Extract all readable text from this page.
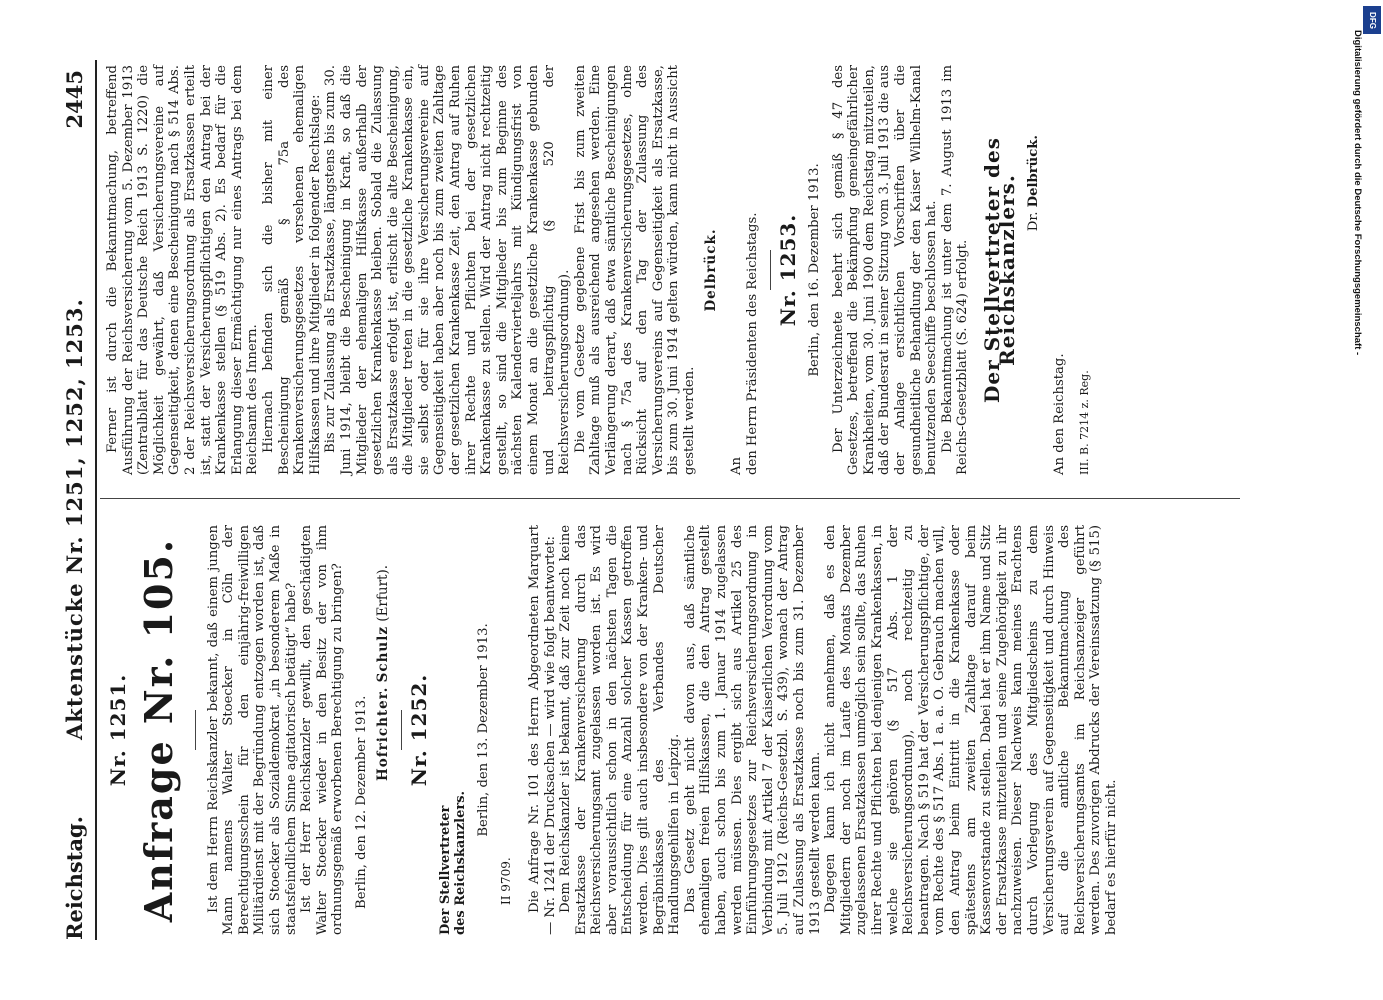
Reichstag.
Aktenstücke Nr. 1251, 1252, 1253.
2445
Nr. 1251. Anfrage Nr. 105. Ist dem Herrn Reichskanzler bekannt, daß einem jungen Mann namens Walter Stoecker in Cöln der Berechtigungsschein für den einjährig-freiwilligen Militärdienst mit der Begründung entzogen worden ist, daß sich Stoecker als Sozialdemokrat „in besonderem Maße in staatsfeindlichem Sinne agitatorisch betätigt“ habe? Ist der Herr Reichskanzler gewillt, den geschädigten Walter Stoecker wieder in den Besitz der von ihm ordnungsgemäß erworbenen Berechtigung zu bringen? Berlin, den 12. Dezember 1913. Hofrichter. Schulz (Erfurt).
Nr. 1252.
Der Stellvertreter des Reichskanzlers.
Berlin, den 13. Dezember 1913.
II 9709. Die Anfrage Nr. 101 des Herrn Abgeordneten Marquart — Nr. 1241 der Drucksachen — wird wie folgt beantwortet: Dem Reichskanzler ist bekannt, daß zur Zeit noch keine Ersatzkasse der Krankenversicherung durch das Reichsversicherungsamt zugelassen worden ist. Es wird aber voraussichtlich schon in den nächsten Tagen die Entscheidung für eine Anzahl solcher Kassen getroffen werden. Dies gilt auch insbesondere von der Kranken- und Begräbniskasse des Verbandes Deutscher Handlungsgehilfen in Leipzig. Das Gesetz geht nicht davon aus, daß sämtliche ehemaligen freien Hilfskassen, die den Antrag gestellt haben, auch schon bis zum 1. Januar 1914 zugelassen werden müssen. Dies ergibt sich aus Artikel 25 des Einführungsgesetzes zur Reichsversicherungsordnung in Verbindung mit Artikel 7 der Kaiserlichen Verordnung vom 5. Juli 1912 (Reichs-Gesetzbl. S. 439), wonach der Antrag auf Zulassung als Ersatzkasse noch bis zum 31. Dezember 1913 gestellt werden kann. Dagegen kann ich nicht annehmen, daß es den Mitgliedern der noch im Laufe des Monats Dezember zugelassenen Ersatzkassen unmöglich sein sollte, das Ruhen ihrer Rechte und Pflichten bei denjenigen Krankenkassen, in welche sie gehören (§ 517 Abs. 1 der Reichsversicherungsordnung), noch rechtzeitig zu beantragen. Nach § 519 hat der Versicherungspflichtige, der vom Rechte des § 517 Abs. 1 a. a. O. Gebrauch machen will, den Antrag beim Eintritt in die Krankenkasse oder spätestens am zweiten Zahltage darauf beim Kassenvorstande zu stellen. Dabei hat er ihm Name und Sitz der Ersatzkasse mitzuteilen und seine Zugehörigkeit zu ihr nachzuweisen. Dieser Nachweis kann meines Erachtens durch Vorlegung des Mitgliedscheins zu dem Versicherungsverein auf Gegenseitigkeit und durch Hinweis auf die amtliche Bekanntmachung des Reichsversicherungsamts im Reichsanzeiger geführt werden. Des zuvorigen Abdrucks der Vereinssatzung (§ 515) bedarf es hierfür nicht.

Ferner ist durch die Bekanntmachung, betreffend Ausführung der Reichsversicherung vom 5. Dezember 1913 (Zentralblatt für das Deutsche Reich 1913 S. 1220) die Möglichkeit gewährt, daß Versicherungsvereine auf Gegenseitigkeit, denen eine Bescheinigung nach § 514 Abs. 2 der Reichsversicherungsordnung als Ersatzkassen erteilt ist, statt der Versicherungspflichtigen den Antrag bei der Krankenkasse stellen (§ 519 Abs. 2). Es bedarf für die Erlangung dieser Ermächtigung nur eines Antrags bei dem Reichsamt des Innern. Hiernach befinden sich die bisher mit einer Bescheinigung gemäß § 75a des Krankenversicherungsgesetzes versehenen ehemaligen Hilfskassen und ihre Mitglieder in folgender Rechtslage: Bis zur Zulassung als Ersatzkasse, längstens bis zum 30. Juni 1914, bleibt die Bescheinigung in Kraft, so daß die Mitglieder der ehemaligen Hilfskasse außerhalb der gesetzlichen Krankenkasse bleiben. Sobald die Zulassung als Ersatzkasse erfolgt ist, erlischt die alte Bescheinigung, die Mitglieder treten in die gesetzliche Krankenkasse ein, sie selbst oder für sie ihre Versicherungsvereine auf Gegenseitigkeit haben aber noch bis zum zweiten Zahltage der gesetzlichen Krankenkasse Zeit, den Antrag auf Ruhen ihrer Rechte und Pflichten bei der gesetzlichen Krankenkasse zu stellen. Wird der Antrag nicht rechtzeitig gestellt, so sind die Mitglieder bis zum Beginne des nächsten Kalendervierteljahrs mit Kündigungsfrist von einem Monat an die gesetzliche Krankenkasse gebunden und beitragspflichtig (§ 520 der Reichsversicherungsordnung). Die vom Gesetze gegebene Frist bis zum zweiten Zahltage muß als ausreichend angesehen werden. Eine Verlängerung derart, daß etwa sämtliche Bescheinigungen nach § 75a des Krankenversicherungsgesetzes, ohne Rücksicht auf den Tag der Zulassung des Versicherungsvereins auf Gegenseitigkeit als Ersatzkasse, bis zum 30. Juni 1914 gelten würden, kann nicht in Aussicht gestellt werden.

Delbrück.
An den Herrn Präsidenten des Reichstags. Nr. 1253. Berlin, den 16. Dezember 1913. Der Unterzeichnete beehrt sich gemäß § 47 des Gesetzes, betreffend die Bekämpfung gemeingefährlicher Krankheiten, vom 30. Juni 1900 dem Reichstag mitzuteilen, daß der Bundesrat in seiner Sitzung vom 3. Juli 1913 die aus der Anlage ersichtlichen Vorschriften über die gesundheitliche Behandlung der den Kaiser Wilhelm-Kanal benutzenden Seeschiffe beschlossen hat. Die Bekanntmachung ist unter dem 7. August 1913 im Reichs-Gesetzblatt (S. 624) erfolgt. Der Stellvertreter des Reichskanzlers. Dr. Delbrück.
An den Reichstag. III. B. 7214 z. Reg.
Digitalisierung gefördert durch die Deutsche Forschungsgemeinschaft -
DFG
